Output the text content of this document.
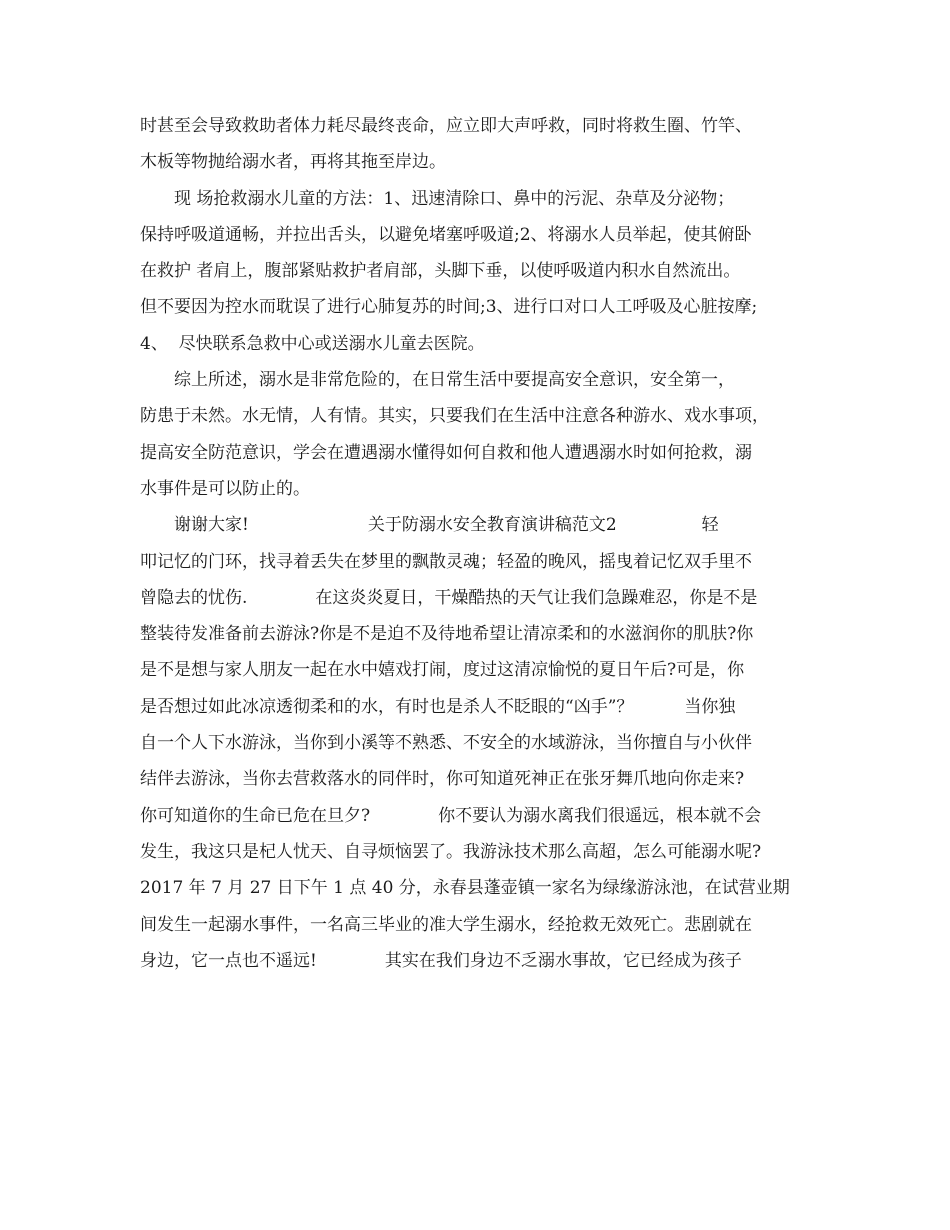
时甚至会导致救助者体力耗尽最终丧命，应立即大声呼救，同时将救生圈、竹竿、
木板等物抛给溺水者，再将其拖至岸边。
　　现 场抢救溺水儿童的方法：1、迅速清除口、鼻中的污泥、杂草及分泌物；
保持呼吸道通畅，并拉出舌头，以避免堵塞呼吸道;2、将溺水人员举起，使其俯卧
在救护 者肩上，腹部紧贴救护者肩部，头脚下垂，以使呼吸道内积水自然流出。
但不要因为控水而耽误了进行心肺复苏的时间;3、进行口对口人工呼吸及心脏按摩;
4、  尽快联系急救中心或送溺水儿童去医院。
　　综上所述，溺水是非常危险的，在日常生活中要提高安全意识，安全第一，
防患于未然。水无情，人有情。其实，只要我们在生活中注意各种游水、戏水事项，
提高安全防范意识，学会在遭遇溺水懂得如何自救和他人遭遇溺水时如何抢救，溺
水事件是可以防止的。
　　谢谢大家!　　　　　　　关于防溺水安全教育演讲稿范文2　　　　　轻
叩记忆的门环，找寻着丢失在梦里的飘散灵魂；轻盈的晚风，摇曳着记忆双手里不
曾隐去的忧伤.　　　　在这炎炎夏日，干燥酷热的天气让我们急躁难忍，你是不是
整装待发准备前去游泳?你是不是迫不及待地希望让清凉柔和的水滋润你的肌肤?你
是不是想与家人朋友一起在水中嬉戏打闹，度过这清凉愉悦的夏日午后?可是，你
是否想过如此冰凉透彻柔和的水，有时也是杀人不眨眼的“凶手”？　　　当你独
自一个人下水游泳，当你到小溪等不熟悉、不安全的水域游泳，当你擅自与小伙伴
结伴去游泳，当你去营救落水的同伴时，你可知道死神正在张牙舞爪地向你走来?
你可知道你的生命已危在旦夕?　　　　你不要认为溺水离我们很遥远，根本就不会
发生，我这只是杞人忧天、自寻烦恼罢了。我游泳技术那么高超，怎么可能溺水呢?
2017 年 7 月 27 日下午 1 点 40 分，永春县蓬壶镇一家名为绿缘游泳池，在试营业期
间发生一起溺水事件，一名高三毕业的准大学生溺水，经抢救无效死亡。悲剧就在
身边，它一点也不遥远!　　　　其实在我们身边不乏溺水事故，它已经成为孩子
